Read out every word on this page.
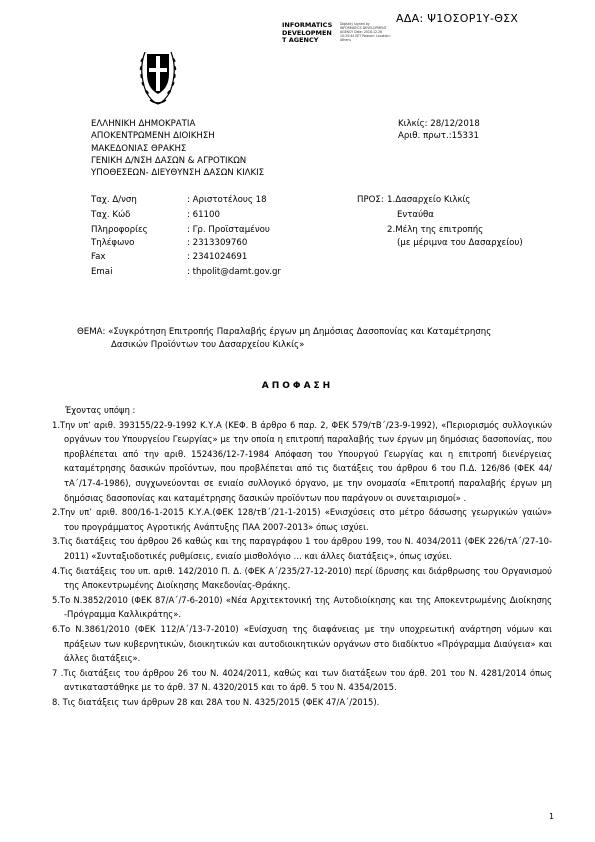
ΑΔΑ: Ψ1ΟΣΟΡ1Υ-ΘΣΧ
INFORMATICS
DEVELOPMEN
T AGENCY
Digitally signed by INFORMATICS DEVELOPMENT AGENCY Date: 2018.12.28 10:25:44 EET Reason: Location: Athens
ΕΛΛΗΝΙΚΗ ΔΗΜΟΚΡΑΤΙΑ
ΑΠΟΚΕΝΤΡΩΜΕΝΗ ΔΙΟΙΚΗΣΗ
ΜΑΚΕΔΟΝΙΑΣ ΘΡΑΚΗΣ
ΓΕΝΙΚΗ Δ/ΝΣΗ ΔΑΣΩΝ & ΑΓΡΟΤΙΚΩΝ
ΥΠΟΘΕΣΕΩΝ- ΔΙΕΥΘΥΝΣΗ ΔΑΣΩΝ ΚΙΛΚΙΣ
Κιλκίς: 28/12/2018
Αριθ. πρωτ.:15331
Ταχ. Δ/νση	: Αριστοτέλους 18
Ταχ. Κώδ	: 61100
Πληροφορίες	: Γρ. Προϊσταμένου
Τηλέφωνο	: 2313309760
Fax	: 2341024691
Emai	: thpolit@damt.gov.gr
ΠΡΟΣ: 1.Δασαρχείο Κιλκίς
Ενταύθα
2.Μέλη της επιτροπής
(με μέριμνα του Δασαρχείου)
ΘΕΜΑ: «Συγκρότηση Επιτροπής Παραλαβής έργων μη Δημόσιας Δασοπονίας και Καταμέτρησης
Δασικών Προϊόντων του Δασαρχείου Κιλκίς»
ΑΠΟΦΑΣΗ

Έχοντας υπόψη :

1.Την υπ’ αριθ. 393155/22-9-1992 Κ.Υ.Α (ΚΕΦ. Β άρθρο 6 παρ. 2, ΦΕΚ 579/τΒ΄/23-9-1992), «Περιορισμός συλλογικών οργάνων του Υπουργείου Γεωργίας» με την οποία η επιτροπή παραλαβής των έργων μη δημόσιας δασοπονίας, που προβλέπεται από την αριθ. 152436/12-7-1984 Απόφαση του Υπουργού Γεωργίας και η επιτροπή διενέργειας καταμέτρησης δασικών προϊόντων, που προβλέπεται από τις διατάξεις του άρθρου 6 του Π.Δ. 126/86 (ΦΕΚ 44/τΑ΄/17-4-1986), συγχωνεύονται σε ενιαίο συλλογικό όργανο, με την ονομασία «Επιτροπή παραλαβής έργων μη δημόσιας δασοπονίας και καταμέτρησης δασικών προϊόντων που παράγουν οι συνεταιρισμοί» .

2.Την υπ’ αριθ. 800/16-1-2015 Κ.Υ.Α.(ΦΕΚ 128/τΒ΄/21-1-2015) «Ενισχύσεις στο μέτρο δάσωσης γεωργικών γαιών» του προγράμματος Αγροτικής Ανάπτυξης ΠΑΑ 2007-2013» όπως ισχύει.

3.Τις διατάξεις του άρθρου 26 καθώς και της παραγράφου 1 του άρθρου 199, του Ν. 4034/2011 (ΦΕΚ 226/τΑ΄/27-10-2011) «Συνταξιοδοτικές ρυθμίσεις, ενιαίο μισθολόγιο … και άλλες διατάξεις», όπως ισχύει.

4.Τις διατάξεις του υπ. αριθ. 142/2010 Π. Δ. (ΦΕΚ Α΄/235/27-12-2010) περί ίδρυσης και διάρθρωσης του Οργανισμού της Αποκεντρωμένης Διοίκησης Μακεδονίας-Θράκης.

5.Το Ν.3852/2010 (ΦΕΚ 87/Α΄/7-6-2010) «Νέα Αρχιτεκτονική της Αυτοδιοίκησης και της Αποκεντρωμένης Διοίκησης -Πρόγραμμα Καλλικράτης».

6.Το Ν.3861/2010 (ΦΕΚ 112/Α΄/13-7-2010) «Ενίσχυση της διαφάνειας με την υποχρεωτική ανάρτηση νόμων και πράξεων των κυβερνητικών, διοικητικών και αυτοδιοικητικών οργάνων στο διαδίκτυο «Πρόγραμμα Διαύγεια» και άλλες διατάξεις».

7 .Τις διατάξεις του άρθρου 26 του Ν. 4024/2011, καθώς και των διατάξεων του άρθ. 201 του Ν. 4281/2014 όπως αντικαταστάθηκε με το άρθ. 37 Ν. 4320/2015 και το άρθ. 5 του Ν. 4354/2015.

8. Τις διατάξεις των άρθρων 28 και 28Α του Ν. 4325/2015 (ΦΕΚ 47/Α΄/2015).

1
